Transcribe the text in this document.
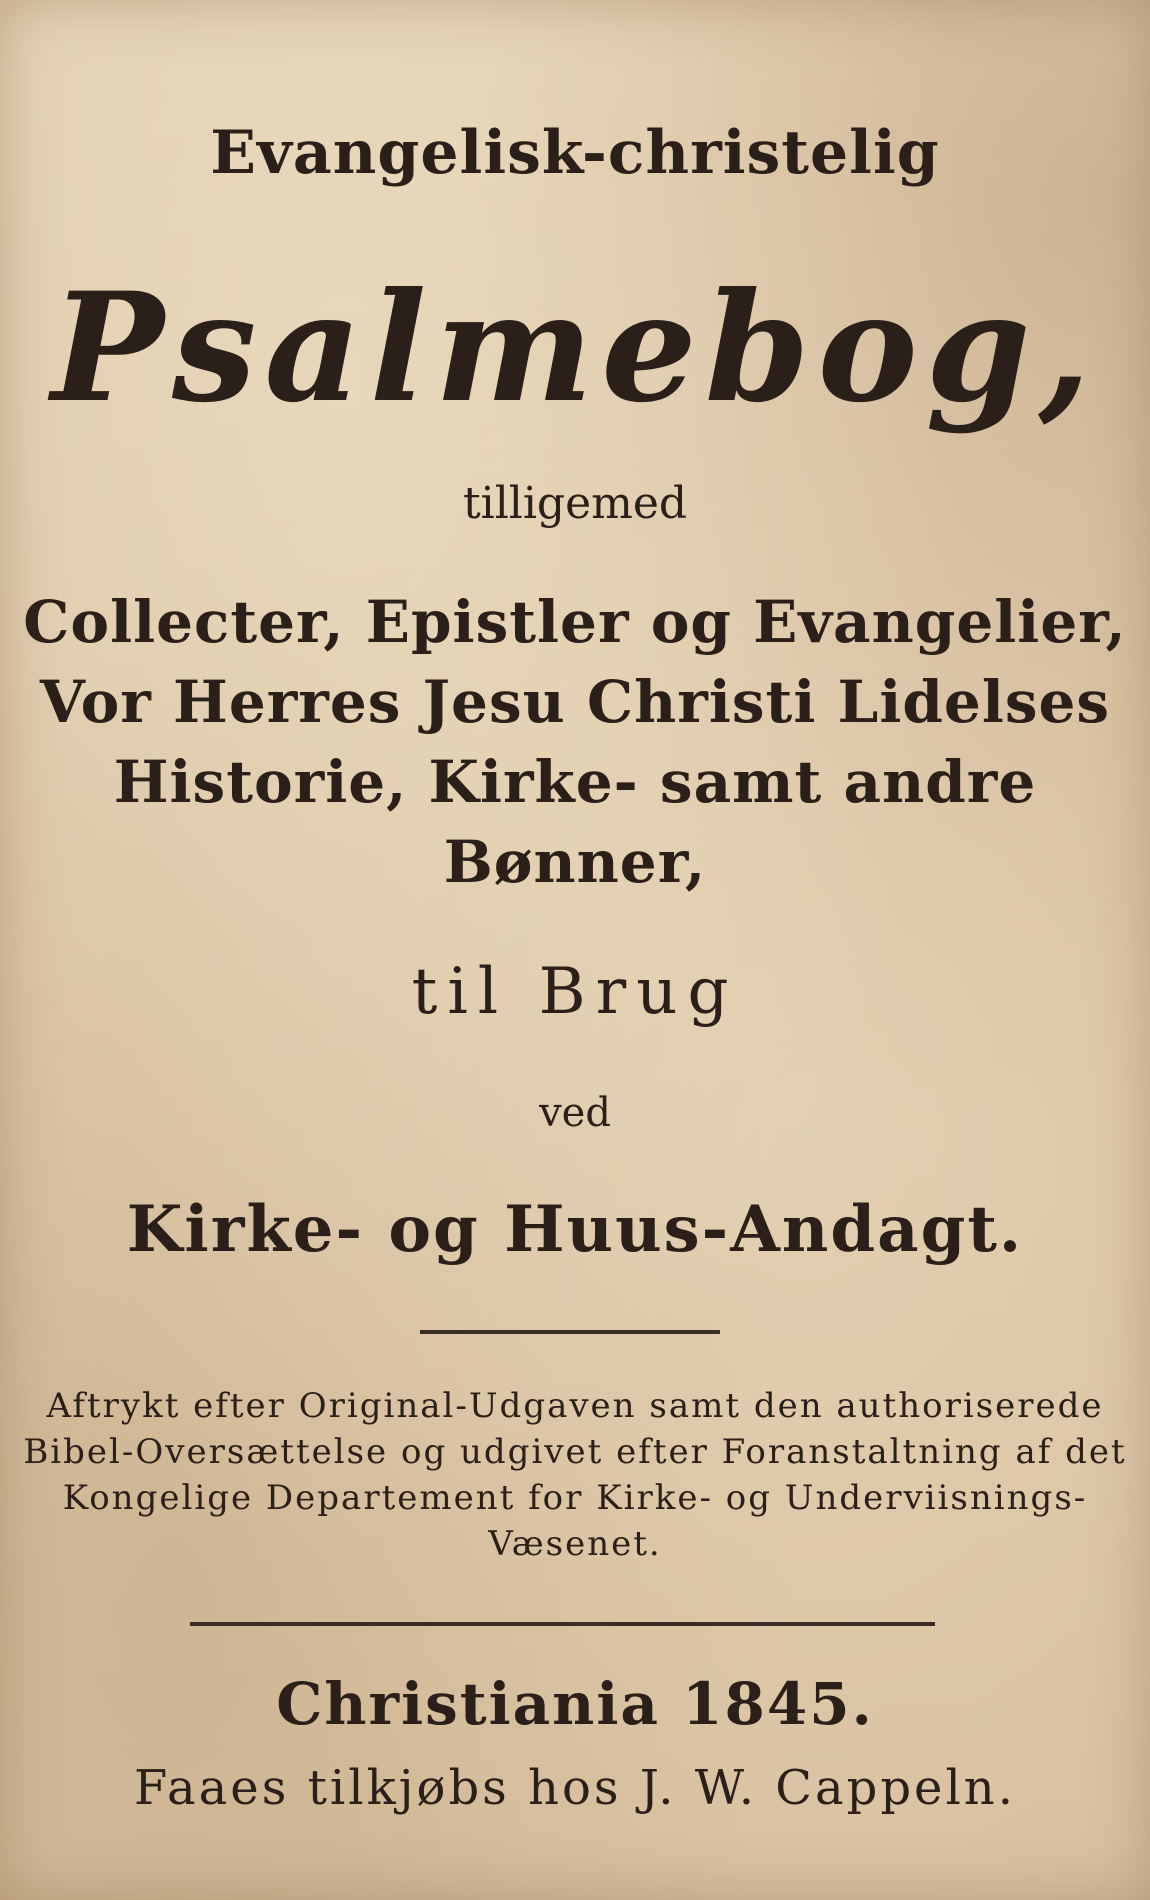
Evangelisk-christelig

Psalmebog,

tilligemed

Collecter, Epistler og Evangelier,

Vor Herres Jesu Christi Lidelses

Historie, Kirke- samt andre

Bønner,

til Brug

ved

Kirke- og Huus-Andagt.

Aftrykt efter Original-Udgaven samt den authoriserede

Bibel-Oversættelse og udgivet efter Foranstaltning af det

Kongelige Departement for Kirke- og Underviisnings-

Væsenet.

Christiania 1845.

Faaes tilkjøbs hos J. W. Cappeln.
